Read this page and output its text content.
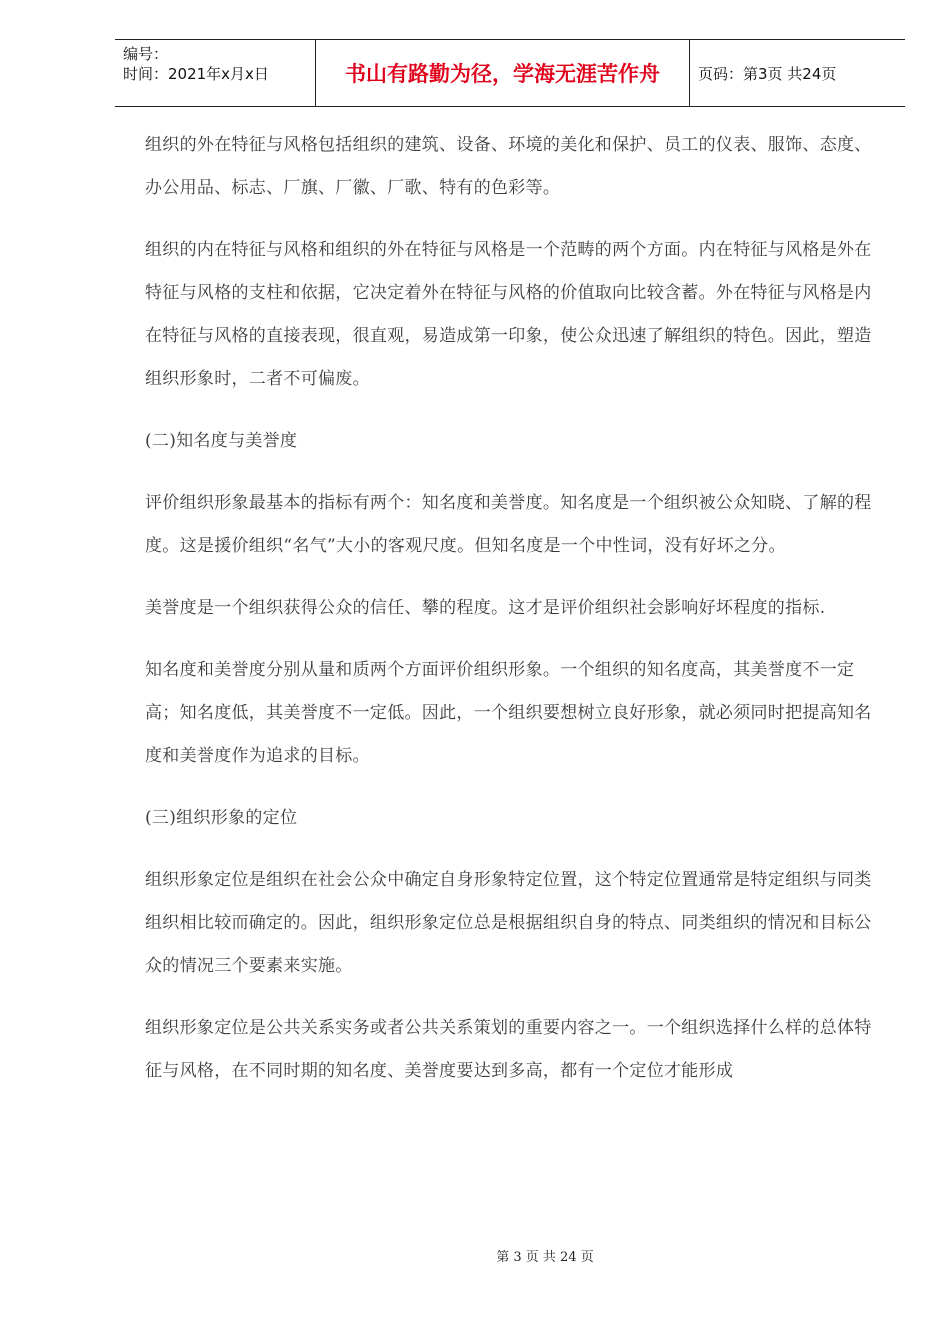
编号：
时间：2021年x月x日	书山有路勤为径，学海无涯苦作舟	页码：第3页 共24页

组织的外在特征与风格包括组织的建筑、设备、环境的美化和保护、员工的仪表、服饰、态度、办公用品、标志、厂旗、厂徽、厂歌、特有的色彩等。

组织的内在特征与风格和组织的外在特征与风格是一个范畴的两个方面。内在特征与风格是外在特征与风格的支柱和依据，它决定着外在特征与风格的价值取向比较含蓄。外在特征与风格是内在特征与风格的直接表现，很直观，易造成第一印象，使公众迅速了解组织的特色。因此，塑造组织形象时，二者不可偏废。

(二)知名度与美誉度

评价组织形象最基本的指标有两个：知名度和美誉度。知名度是一个组织被公众知晓、了解的程度。这是援价组织“名气”大小的客观尺度。但知名度是一个中性词，没有好坏之分。

美誉度是一个组织获得公众的信任、攀的程度。这才是评价组织社会影响好坏程度的指标.

知名度和美誉度分别从量和质两个方面评价组织形象。一个组织的知名度高，其美誉度不一定高；知名度低，其美誉度不一定低。因此，一个组织要想树立良好形象，就必须同时把提高知名度和美誉度作为追求的目标。

(三)组织形象的定位

组织形象定位是组织在社会公众中确定自身形象特定位置，这个特定位置通常是特定组织与同类组织相比较而确定的。因此，组织形象定位总是根据组织自身的特点、同类组织的情况和目标公众的情况三个要素来实施。

组织形象定位是公共关系实务或者公共关系策划的重要内容之一。一个组织选择什么样的总体特征与风格，在不同时期的知名度、美誉度要达到多高，都有一个定位才能形成

第 3 页 共 24 页
